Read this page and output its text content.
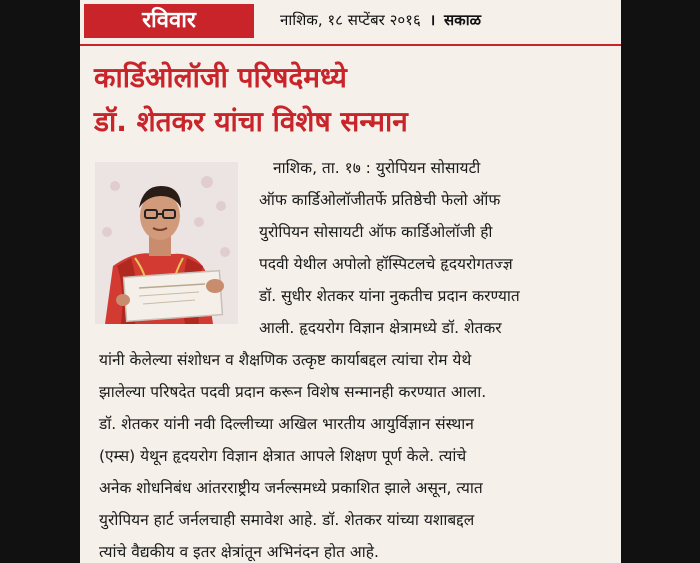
रविवार	नाशिक, १८ सप्टेंबर २०१६ । सकाळ
कार्डिओलॉजी परिषदेमध्ये
डॉ. शेतकर यांचा विशेष सन्मान
नाशिक, ता. १७ : युरोपियन सोसायटी
ऑफ कार्डिओलॉजीतर्फे प्रतिष्ठेची फेलो ऑफ
युरोपियन सोसायटी ऑफ कार्डिओलॉजी ही
पदवी येथील अपोलो हॉस्पिटलचे हृदयरोगतज्ज्ञ
डॉ. सुधीर शेतकर यांना नुकतीच प्रदान करण्यात
आली. हृदयरोग विज्ञान क्षेत्रामध्ये डॉ. शेतकर
यांनी केलेल्या संशोधन व शैक्षणिक उत्कृष्ट कार्याबद्दल त्यांचा रोम येथे
झालेल्या परिषदेत पदवी प्रदान करून विशेष सन्मानही करण्यात आला.
डॉ. शेतकर यांनी नवी दिल्लीच्या अखिल भारतीय आयुर्विज्ञान संस्थान
(एम्स) येथून हृदयरोग विज्ञान क्षेत्रात आपले शिक्षण पूर्ण केले. त्यांचे
अनेक शोधनिबंध आंतरराष्ट्रीय जर्नल्समध्ये प्रकाशित झाले असून, त्यात
युरोपियन हार्ट जर्नलचाही समावेश आहे. डॉ. शेतकर यांच्या यशाबद्दल
त्यांचे वैद्यकीय व इतर क्षेत्रांतून अभिनंदन होत आहे.
